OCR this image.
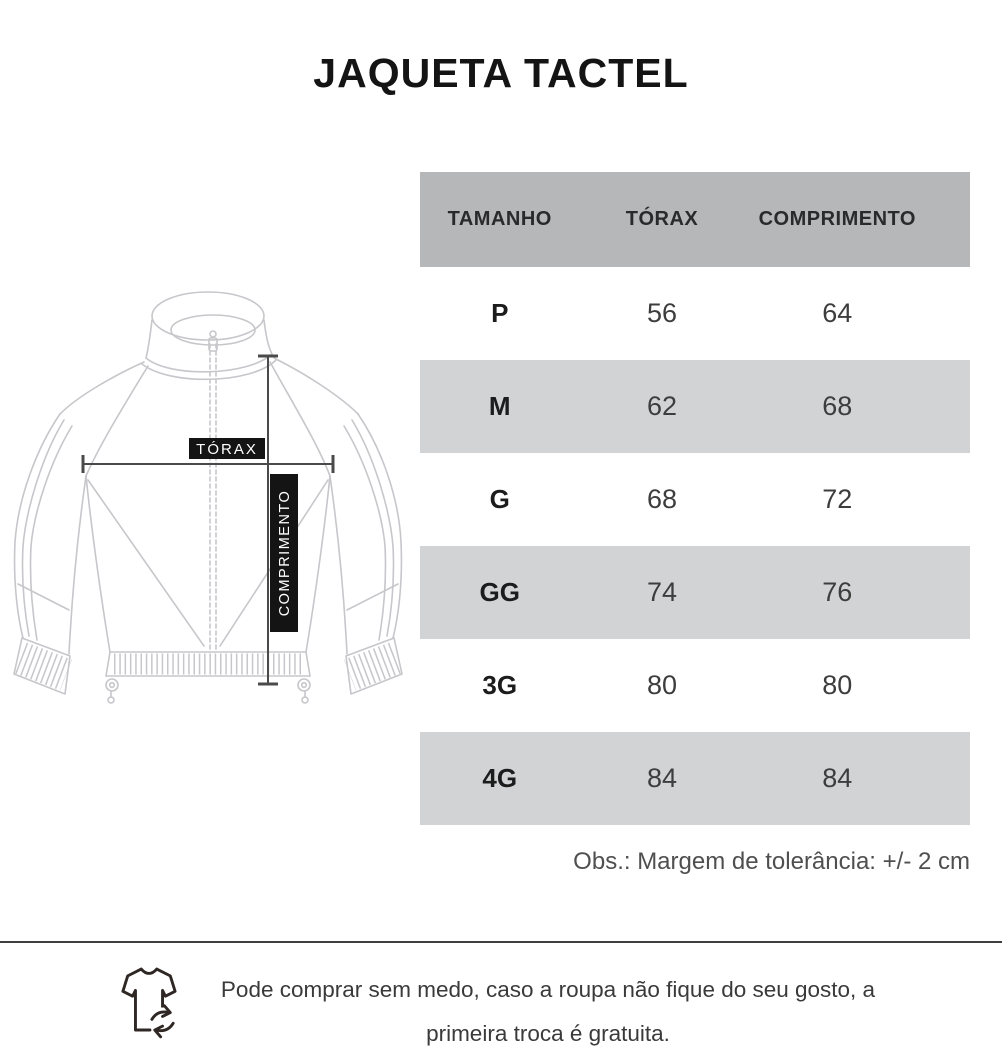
JAQUETA TACTEL
TÓRAX
COMPRIMENTO
TAMANHO	TÓRAX	COMPRIMENTO
P	56	64
M	62	68
G	68	72
GG	74	76
3G	80	80
4G	84	84
Obs.: Margem de tolerância: +/- 2 cm
Pode comprar sem medo, caso a roupa não fique do seu gosto, a primeira troca é gratuita.
